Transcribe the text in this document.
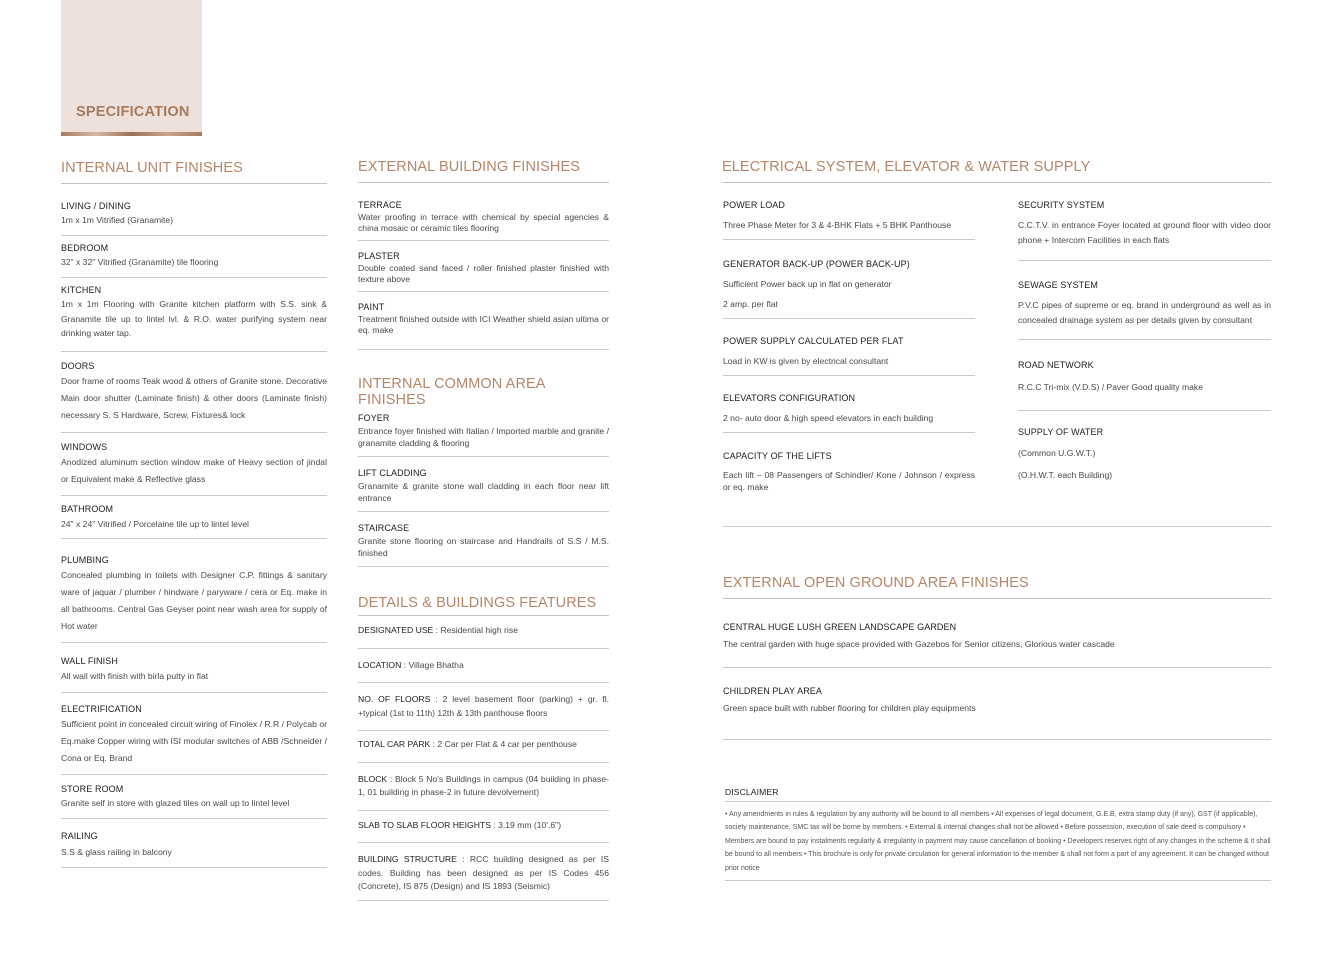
SPECIFICATION
INTERNAL UNIT FINISHES
LIVING / DINING
1m x 1m Vitrified (Granamite)
BEDROOM
32" x 32" Vitrified (Granamite) tile flooring
KITCHEN
1m x 1m Flooring with Granite kitchen platform with S.S. sink & Granamite tile up to lintel lvl. & R.O. water purifying system near drinking water tap.
DOORS
Door frame of rooms Teak wood & others of Granite stone. Decorative Main door shutter (Laminate finish) & other doors (Laminate finish) necessary S. S Hardware, Screw, Fixtures& lock
WINDOWS
Anodized aluminum section window make of Heavy section of jindal or Equivalent make & Reflective glass
BATHROOM
24" x 24" Vitrified / Porcelaine tile up to lintel level
PLUMBING
Concealed plumbing in toilets with Designer C.P. fittings & sanitary ware of jaquar / plumber / hindware / paryware / cera or Eq. make in all bathrooms. Central Gas Geyser point near wash area for supply of Hot water
WALL FINISH
All wall with finish with birla putty in flat
ELECTRIFICATION
Sufficient point in concealed circuit wiring of Finolex / R.R / Polycab or Eq.make Copper wiring with ISI modular switches of ABB /Schneider / Cona or Eq. Brand
STORE ROOM
Granite self in store with glazed tiles on wall up to lintel level
RAILING
S.S & glass railing in balcony
EXTERNAL BUILDING FINISHES
TERRACE
Water proofing in terrace with chemical by special agencies & china mosaic or ceramic tiles flooring
PLASTER
Double coated sand faced / roller finished plaster finished with texture above
PAINT
Treatment finished outside with ICI Weather shield asian ultima or eq. make
INTERNAL COMMON AREA FINISHES
FOYER
Entrance foyer finished with Italian / Imported marble and granite / granamite cladding & flooring
LIFT CLADDING
Granamite & granite stone wall cladding in each floor near lift entrance
STAIRCASE
Granite stone flooring on staircase and Handrails of S.S / M.S. finished
DETAILS & BUILDINGS FEATURES
DESIGNATED USE : Residential high rise
LOCATION : Village Bhatha
NO. OF FLOORS : 2 level basement floor (parking) + gr. fl. +typical (1st to 11th) 12th & 13th panthouse floors
TOTAL CAR PARK : 2 Car per Flat & 4 car per penthouse
BLOCK : Block 5 No's Buildings in campus (04 building in phase-1, 01 building in phase-2 in future devolvement)
SLAB TO SLAB FLOOR HEIGHTS : 3.19 mm (10'.6")
BUILDING STRUCTURE : RCC building designed as per IS codes. Building has been designed as per IS Codes 456 (Concrete), IS 875 (Design) and IS 1893 (Seismic)
ELECTRICAL SYSTEM, ELEVATOR & WATER SUPPLY
POWER LOAD
Three Phase Meter for 3 & 4-BHK Flats + 5 BHK Panthouse
GENERATOR BACK-UP (POWER BACK-UP)
Sufficient Power back up in flat on generator
2 amp. per flat
POWER SUPPLY CALCULATED PER FLAT
Load in KW is given by electrical consultant
ELEVATORS CONFIGURATION
2 no- auto door & high speed elevators in each building
CAPACITY OF THE LIFTS
Each lift – 08 Passengers of Schindler/ Kone / Johnson / express or eq. make
SECURITY SYSTEM
C.C.T.V. in entrance Foyer located at ground floor with video door phone + Intercom Facilities in each flats
SEWAGE SYSTEM
P.V.C pipes of supreme or eq. brand in underground as well as in concealed drainage system as per details given by consultant
ROAD NETWORK
R.C.C Tri-mix (V.D.S) / Paver Good quality make
SUPPLY OF WATER
(Common U.G.W.T.)
(O.H.W.T. each Building)
EXTERNAL OPEN GROUND AREA FINISHES
CENTRAL HUGE LUSH GREEN LANDSCAPE GARDEN
The central garden with huge space provided with Gazebos for Senior citizens, Glorious water cascade
CHILDREN PLAY AREA
Green space built with rubber flooring for children play equipments
DISCLAIMER
• Any amendments in rules & regulation by any authority will be bound to all members • All expenses of legal document, G.E.B, extra stamp duty (if any), GST (if applicable), society maintenance, SMC tax will be borne by members. • External & internal changes shall not be allowed • Before possession, execution of sale deed is compulsory • Members are bound to pay instalments regularly & irregularity in payment may cause cancellation of booking • Developers reserves right of any changes in the scheme & it shall be bound to all members • This brochure is only for private circulation for general information to the member & shall not form a part of any agreement. It can be changed without prior notice
